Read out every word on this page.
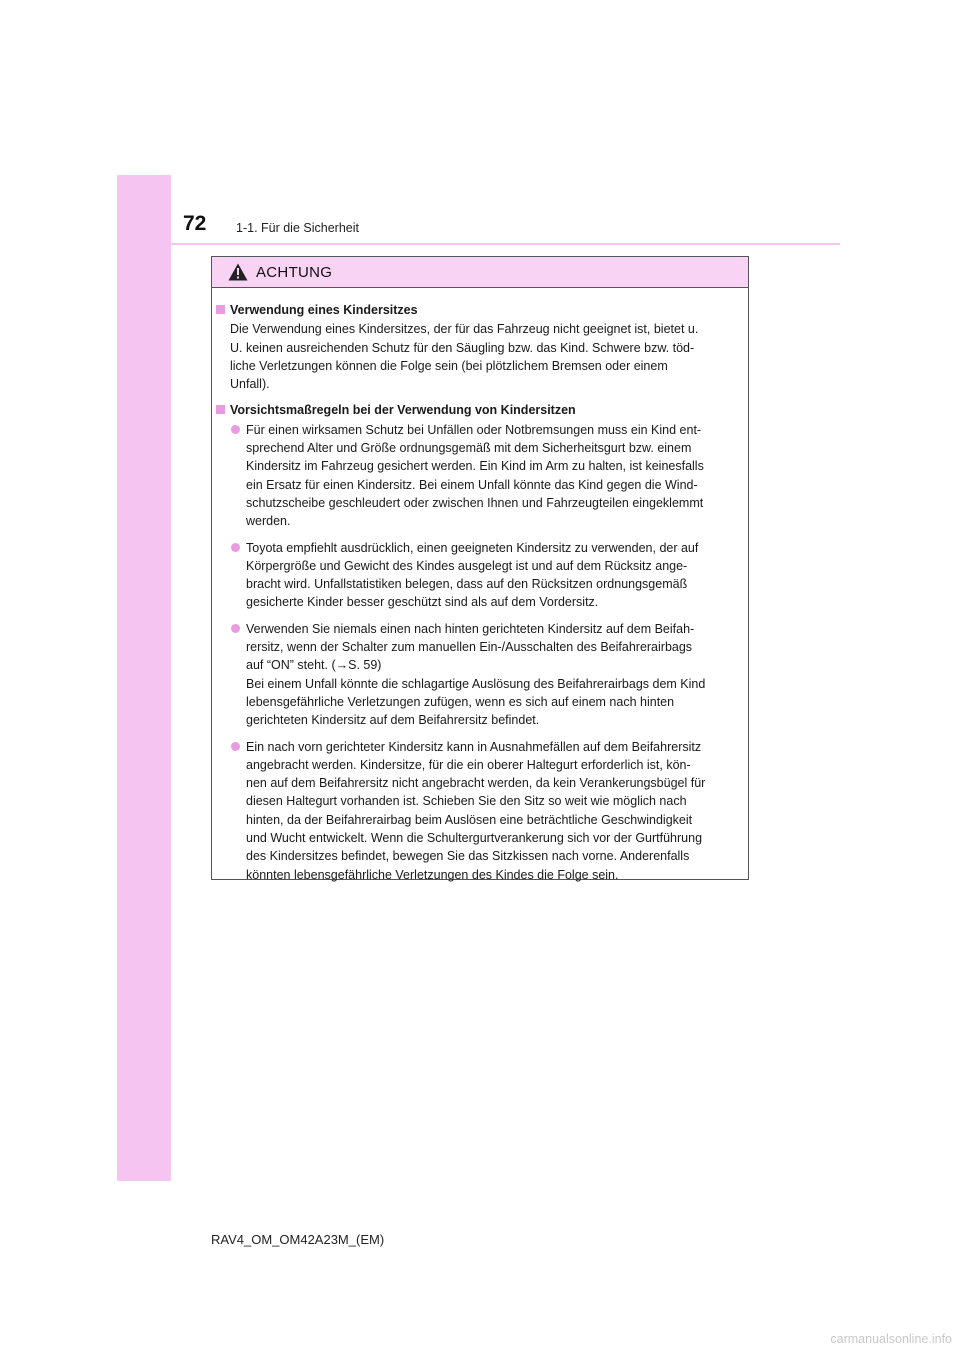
72 1-1. Für die Sicherheit
ACHTUNG
Verwendung eines Kindersitzes
Die Verwendung eines Kindersitzes, der für das Fahrzeug nicht geeignet ist, bietet u.
U. keinen ausreichenden Schutz für den Säugling bzw. das Kind. Schwere bzw. töd-
liche Verletzungen können die Folge sein (bei plötzlichem Bremsen oder einem
Unfall).
Vorsichtsmaßregeln bei der Verwendung von Kindersitzen
Für einen wirksamen Schutz bei Unfällen oder Notbremsungen muss ein Kind ent-
sprechend Alter und Größe ordnungsgemäß mit dem Sicherheitsgurt bzw. einem
Kindersitz im Fahrzeug gesichert werden. Ein Kind im Arm zu halten, ist keinesfalls
ein Ersatz für einen Kindersitz. Bei einem Unfall könnte das Kind gegen die Wind-
schutzscheibe geschleudert oder zwischen Ihnen und Fahrzeugteilen eingeklemmt
werden.
Toyota empfiehlt ausdrücklich, einen geeigneten Kindersitz zu verwenden, der auf
Körpergröße und Gewicht des Kindes ausgelegt ist und auf dem Rücksitz ange-
bracht wird. Unfallstatistiken belegen, dass auf den Rücksitzen ordnungsgemäß
gesicherte Kinder besser geschützt sind als auf dem Vordersitz.
Verwenden Sie niemals einen nach hinten gerichteten Kindersitz auf dem Beifah-
rersitz, wenn der Schalter zum manuellen Ein-/Ausschalten des Beifahrerairbags
auf “ON” steht. (→S. 59)
Bei einem Unfall könnte die schlagartige Auslösung des Beifahrerairbags dem Kind
lebensgefährliche Verletzungen zufügen, wenn es sich auf einem nach hinten
gerichteten Kindersitz auf dem Beifahrersitz befindet.
Ein nach vorn gerichteter Kindersitz kann in Ausnahmefällen auf dem Beifahrersitz
angebracht werden. Kindersitze, für die ein oberer Haltegurt erforderlich ist, kön-
nen auf dem Beifahrersitz nicht angebracht werden, da kein Verankerungsbügel für
diesen Haltegurt vorhanden ist. Schieben Sie den Sitz so weit wie möglich nach
hinten, da der Beifahrerairbag beim Auslösen eine beträchtliche Geschwindigkeit
und Wucht entwickelt. Wenn die Schultergurtverankerung sich vor der Gurtführung
des Kindersitzes befindet, bewegen Sie das Sitzkissen nach vorne. Anderenfalls
könnten lebensgefährliche Verletzungen des Kindes die Folge sein.
RAV4_OM_OM42A23M_(EM)
carmanualsonline.info
